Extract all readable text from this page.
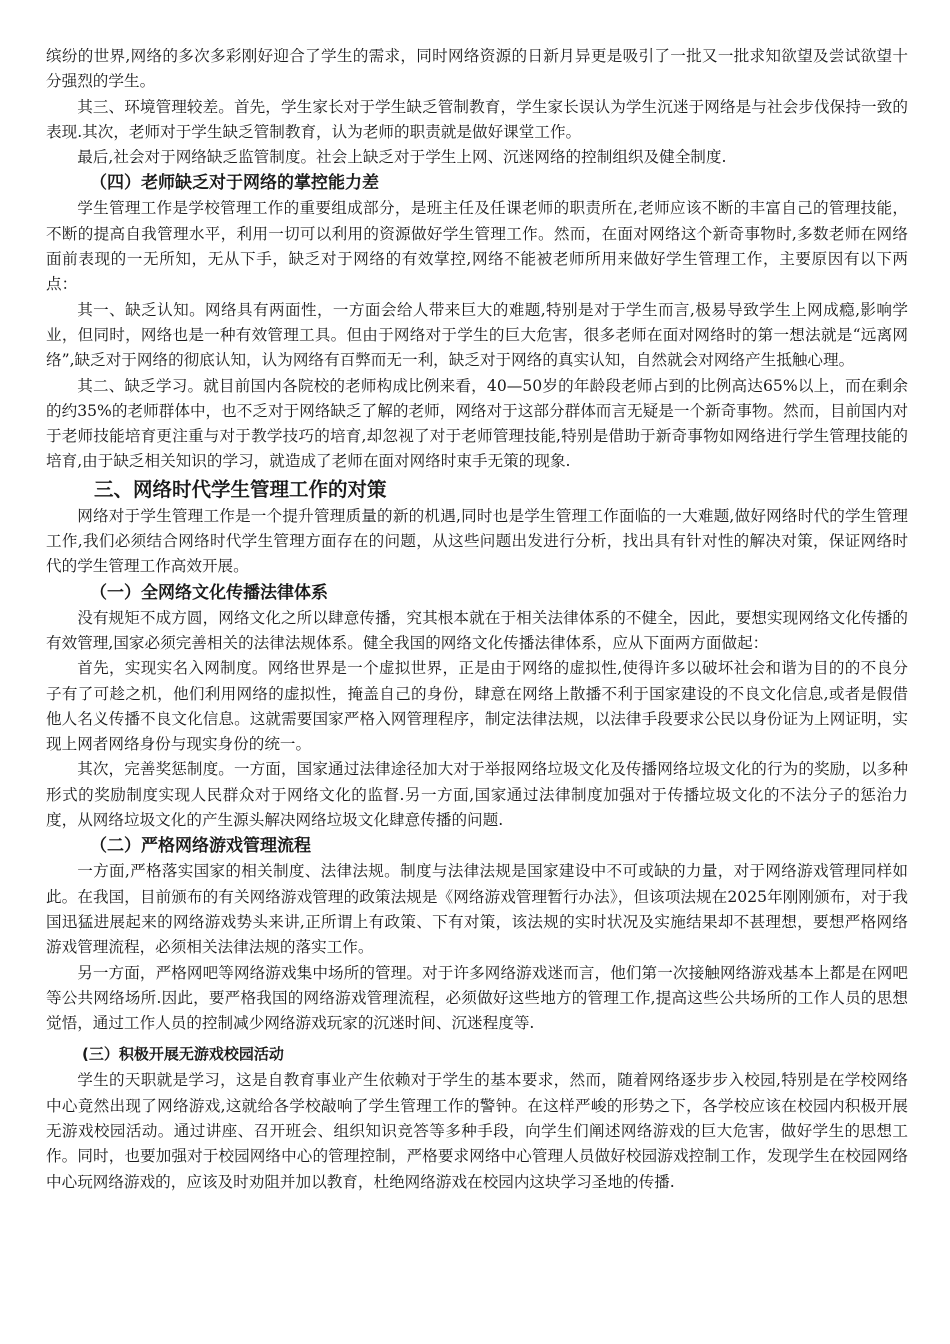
缤纷的世界,网络的多次多彩刚好迎合了学生的需求，同时网络资源的日新月异更是吸引了一批又一批求知欲望及尝试欲望十分强烈的学生。

其三、环境管理较差。首先，学生家长对于学生缺乏管制教育，学生家长误认为学生沉迷于网络是与社会步伐保持一致的表现.其次，老师对于学生缺乏管制教育，认为老师的职责就是做好课堂工作。

最后,社会对于网络缺乏监管制度。社会上缺乏对于学生上网、沉迷网络的控制组织及健全制度.

（四）老师缺乏对于网络的掌控能力差

学生管理工作是学校管理工作的重要组成部分，是班主任及任课老师的职责所在,老师应该不断的丰富自己的管理技能，不断的提高自我管理水平，利用一切可以利用的资源做好学生管理工作。然而，在面对网络这个新奇事物时,多数老师在网络面前表现的一无所知，无从下手，缺乏对于网络的有效掌控,网络不能被老师所用来做好学生管理工作，主要原因有以下两点：

其一、缺乏认知。网络具有两面性，一方面会给人带来巨大的难题,特别是对于学生而言,极易导致学生上网成瘾,影响学业，但同时，网络也是一种有效管理工具。但由于网络对于学生的巨大危害，很多老师在面对网络时的第一想法就是“远离网络”,缺乏对于网络的彻底认知，认为网络有百弊而无一利，缺乏对于网络的真实认知，自然就会对网络产生抵触心理。

其二、缺乏学习。就目前国内各院校的老师构成比例来看，40—50岁的年龄段老师占到的比例高达65%以上，而在剩余的约35%的老师群体中，也不乏对于网络缺乏了解的老师，网络对于这部分群体而言无疑是一个新奇事物。然而，目前国内对于老师技能培育更注重与对于教学技巧的培育,却忽视了对于老师管理技能,特别是借助于新奇事物如网络进行学生管理技能的培育,由于缺乏相关知识的学习，就造成了老师在面对网络时束手无策的现象.

三、网络时代学生管理工作的对策

网络对于学生管理工作是一个提升管理质量的新的机遇,同时也是学生管理工作面临的一大难题,做好网络时代的学生管理工作,我们必须结合网络时代学生管理方面存在的问题，从这些问题出发进行分析，找出具有针对性的解决对策，保证网络时代的学生管理工作高效开展。

（一）全网络文化传播法律体系

没有规矩不成方圆，网络文化之所以肆意传播，究其根本就在于相关法律体系的不健全，因此，要想实现网络文化传播的有效管理,国家必须完善相关的法律法规体系。健全我国的网络文化传播法律体系，应从下面两方面做起：

首先，实现实名入网制度。网络世界是一个虚拟世界，正是由于网络的虚拟性,使得许多以破坏社会和谐为目的的不良分子有了可趁之机，他们利用网络的虚拟性，掩盖自己的身份，肆意在网络上散播不利于国家建设的不良文化信息,或者是假借他人名义传播不良文化信息。这就需要国家严格入网管理程序，制定法律法规，以法律手段要求公民以身份证为上网证明，实现上网者网络身份与现实身份的统一。

其次，完善奖惩制度。一方面，国家通过法律途径加大对于举报网络垃圾文化及传播网络垃圾文化的行为的奖励，以多种形式的奖励制度实现人民群众对于网络文化的监督.另一方面,国家通过法律制度加强对于传播垃圾文化的不法分子的惩治力度，从网络垃圾文化的产生源头解决网络垃圾文化肆意传播的问题.

（二）严格网络游戏管理流程

一方面,严格落实国家的相关制度、法律法规。制度与法律法规是国家建设中不可或缺的力量，对于网络游戏管理同样如此。在我国，目前颁布的有关网络游戏管理的政策法规是《网络游戏管理暂行办法》，但该项法规在2025年刚刚颁布，对于我国迅猛进展起来的网络游戏势头来讲,正所谓上有政策、下有对策，该法规的实时状况及实施结果却不甚理想，要想严格网络游戏管理流程，必须相关法律法规的落实工作。

另一方面，严格网吧等网络游戏集中场所的管理。对于许多网络游戏迷而言，他们第一次接触网络游戏基本上都是在网吧等公共网络场所.因此，要严格我国的网络游戏管理流程，必须做好这些地方的管理工作,提高这些公共场所的工作人员的思想觉悟，通过工作人员的控制减少网络游戏玩家的沉迷时间、沉迷程度等.

(三）积极开展无游戏校园活动

学生的天职就是学习，这是自教育事业产生依赖对于学生的基本要求，然而，随着网络逐步步入校园,特别是在学校网络中心竟然出现了网络游戏,这就给各学校敲响了学生管理工作的警钟。在这样严峻的形势之下，各学校应该在校园内积极开展无游戏校园活动。通过讲座、召开班会、组织知识竞答等多种手段，向学生们阐述网络游戏的巨大危害，做好学生的思想工作。同时，也要加强对于校园网络中心的管理控制，严格要求网络中心管理人员做好校园游戏控制工作，发现学生在校园网络中心玩网络游戏的，应该及时劝阻并加以教育，杜绝网络游戏在校园内这块学习圣地的传播.
